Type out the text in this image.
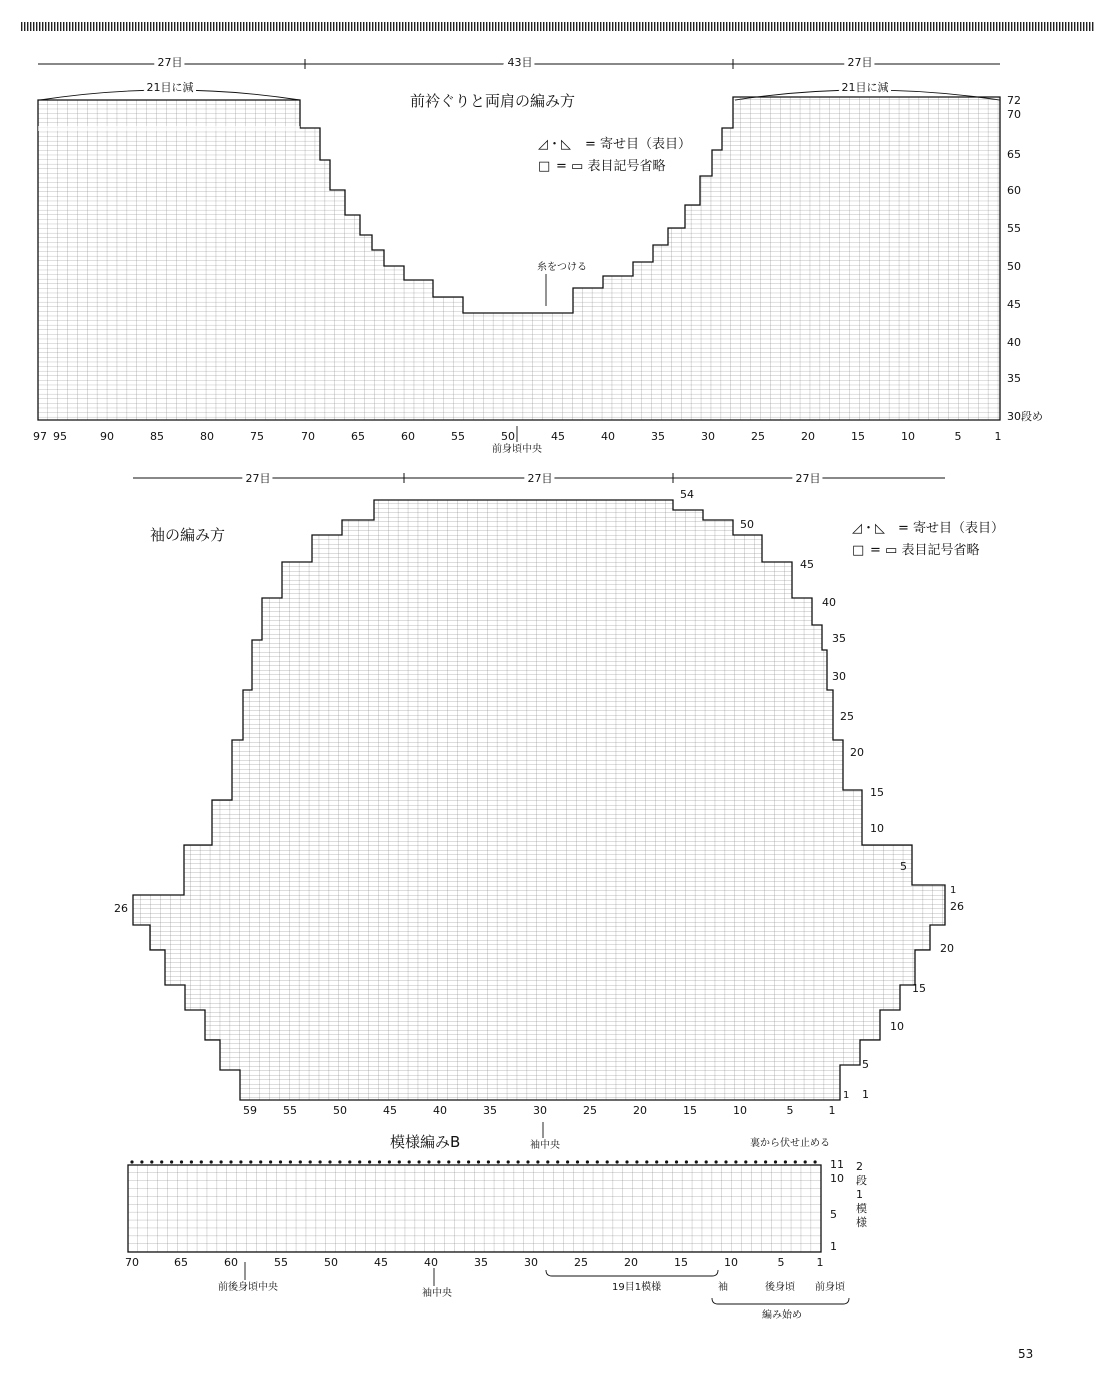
27目	43目	27目
21目に減	21目に減
前衿ぐりと両肩の編み方
糸をつける
前身頃中央
◿・◺ = 寄せ目（表目）
□ = ▭ 表目記号省略
72
70
65
60
55
50
45
40
35
30段め
97 95	90	85	80	75	70	65	60	55	50	45	40	35	30	25	20	15	10	5	1
27目	27目	27目
袖の編み方	◿・◺ = 寄せ目（表目）
□ = ▭ 表目記号省略
26
袖中央
1
1
54
50
45
40
35
30
25
20
15
10
5
26
20
15
10
5
1
59 55	50	45	40	35	30	25	20	15	10	5	1
模様編みB	裏から伏せ止める
11
10
5
1
70	65	60	55	50	45	40	35	30	25	20	15	10	5	1
2
段
1
模
様
前後身頃中央
袖中央
19目1模様	袖	後身頃 前身頃
編み始め
53
